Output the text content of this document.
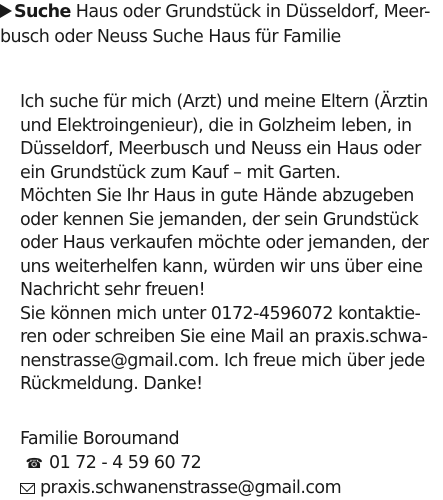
Suche Haus oder Grundstück in Düsseldorf, Meer-
busch oder Neuss Suche Haus für Familie

Ich suche für mich (Arzt) und meine Eltern (Ärztin
und Elektroingenieur), die in Golzheim leben, in
Düsseldorf, Meerbusch und Neuss ein Haus oder
ein Grundstück zum Kauf – mit Garten.
Möchten Sie Ihr Haus in gute Hände abzugeben
oder kennen Sie jemanden, der sein Grundstück
oder Haus verkaufen möchte oder jemanden, der
uns weiterhelfen kann, würden wir uns über eine
Nachricht sehr freuen!
Sie können mich unter 0172-4596072 kontaktie-
ren oder schreiben Sie eine Mail an praxis.schwa-
nenstrasse@gmail.com. Ich freue mich über jede
Rückmeldung. Danke!

Familie Boroumand
☎ 01 72 - 4 59 60 72
praxis.schwanenstrasse@gmail.com
